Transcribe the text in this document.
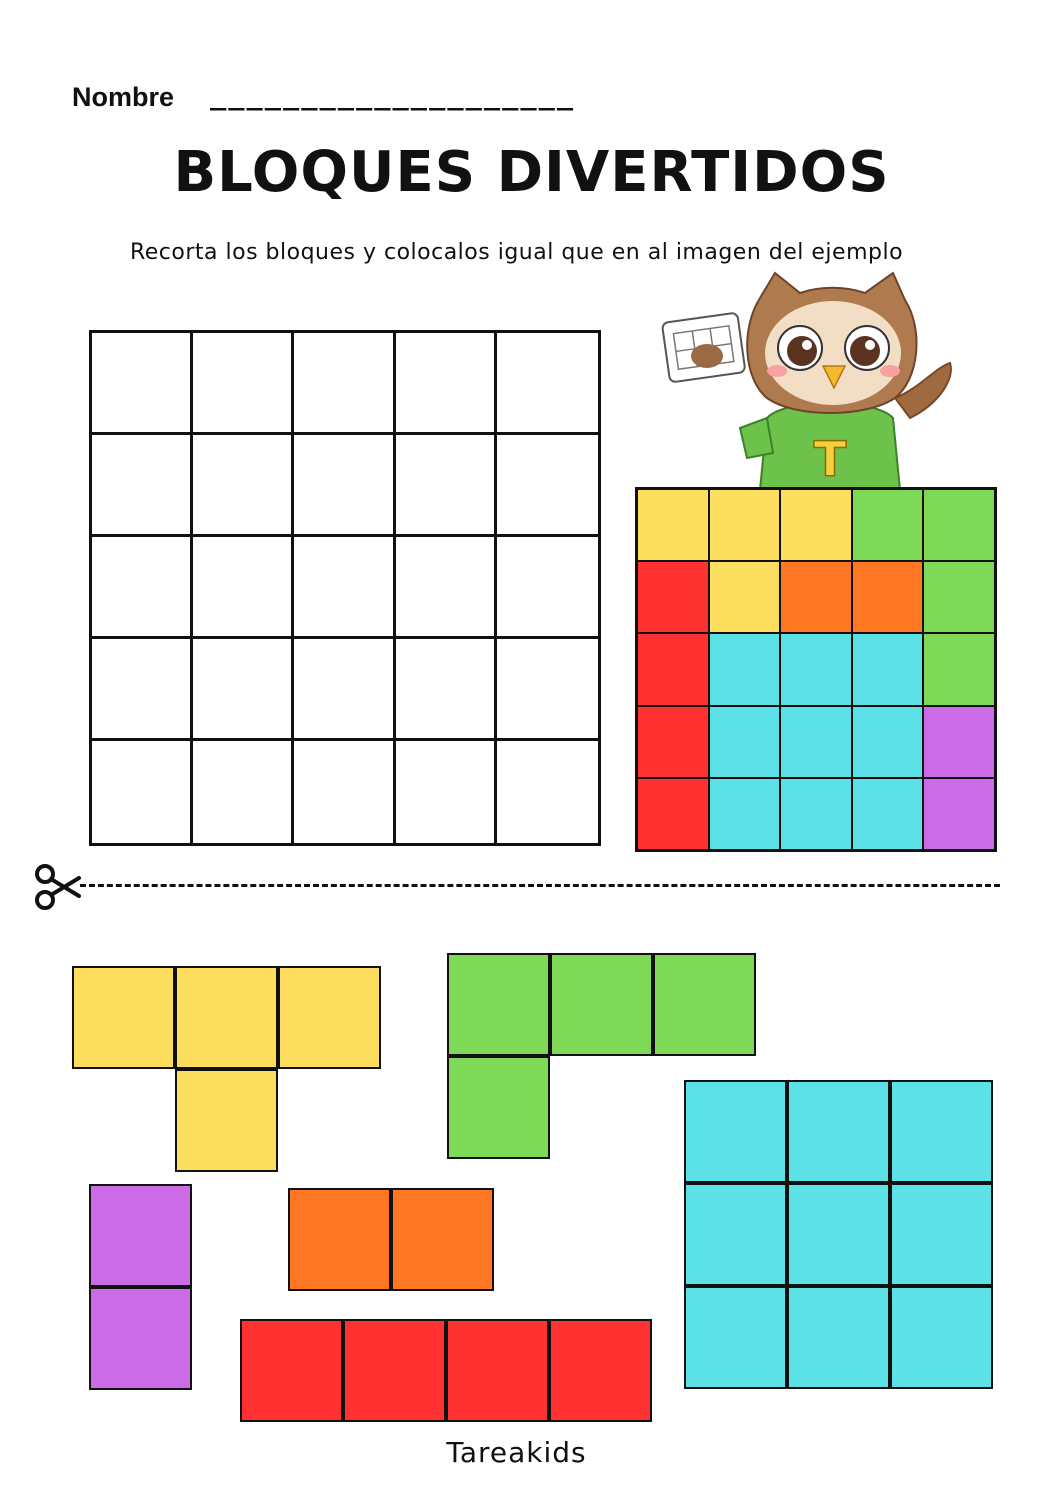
Nombre ____________________
BLOQUES DIVERTIDOS
Recorta los bloques y colocalos igual que en al imagen del ejemplo
T
Tareakids
